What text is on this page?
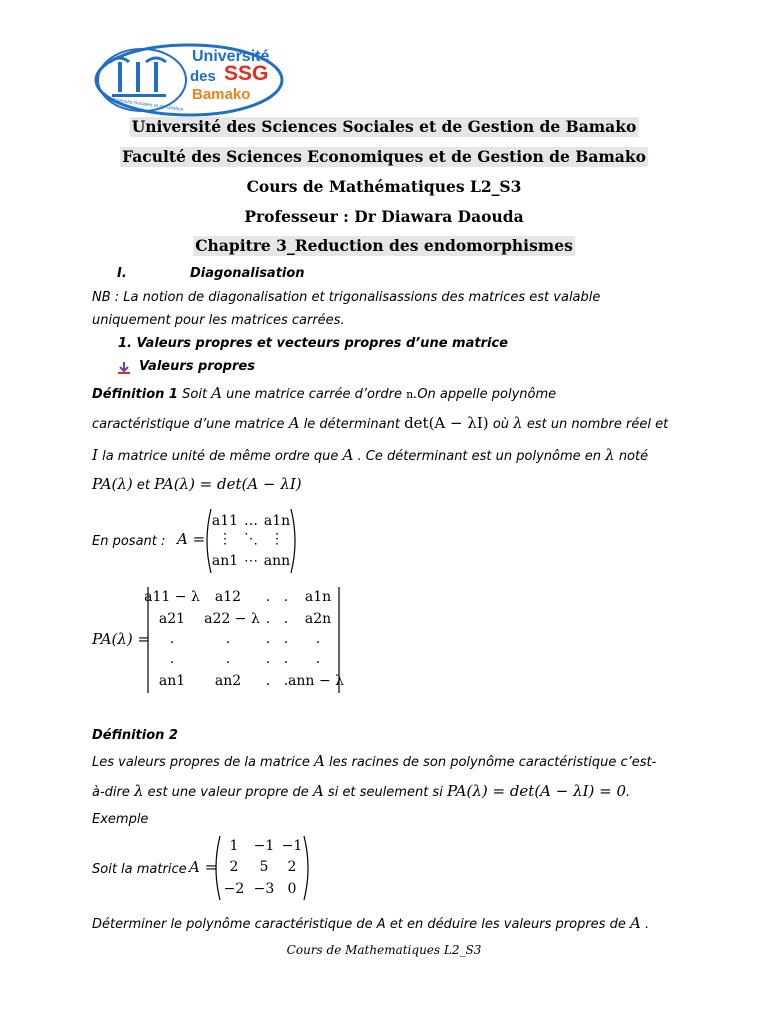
Université
des SSG
Bamako
Sciences Sociales et de Gestion
Université des Sciences Sociales et de Gestion de Bamako
Faculté des Sciences Economiques et de Gestion de Bamako
Cours de Mathématiques L2_S3
Professeur : Dr Diawara Daouda
Chapitre 3_Reduction des endomorphismes
I.	Diagonalisation
NB : La notion de diagonalisation et trigonalisassions des matrices est valable
uniquement pour les matrices carrées.
1. Valeurs propres et vecteurs propres d’une matrice
Valeurs propres
Définition 1 Soit A une matrice carrée d’ordre n.On appelle polynôme
caractéristique d’une matrice A le déterminant det(A − λI) où λ est un nombre réel et
I la matrice unité de même ordre que A . Ce déterminant est un polynôme en λ noté
PA(λ) et PA(λ) = det(A − λI)
En posant : A =
a11 … a1n
⋮ ⋱ ⋮
an1 ⋯ ann
PA(λ) =
a11 − λ a12 . . a1n
a21 a22 − λ . . a2n
.	.	. . .
.	.	. . .
an1 an2 . . ann − λ
Définition 2
Les valeurs propres de la matrice A les racines de son polynôme caractéristique c’est-
à-dire λ est une valeur propre de A si et seulement si PA(λ) = det(A − λI) = 0.
Exemple
Soit la matrice A =
1 −1 −1
2 5 2
−2 −3 0
Déterminer le polynôme caractéristique de A et en déduire les valeurs propres de A .
Cours de Mathematiques L2_S3
